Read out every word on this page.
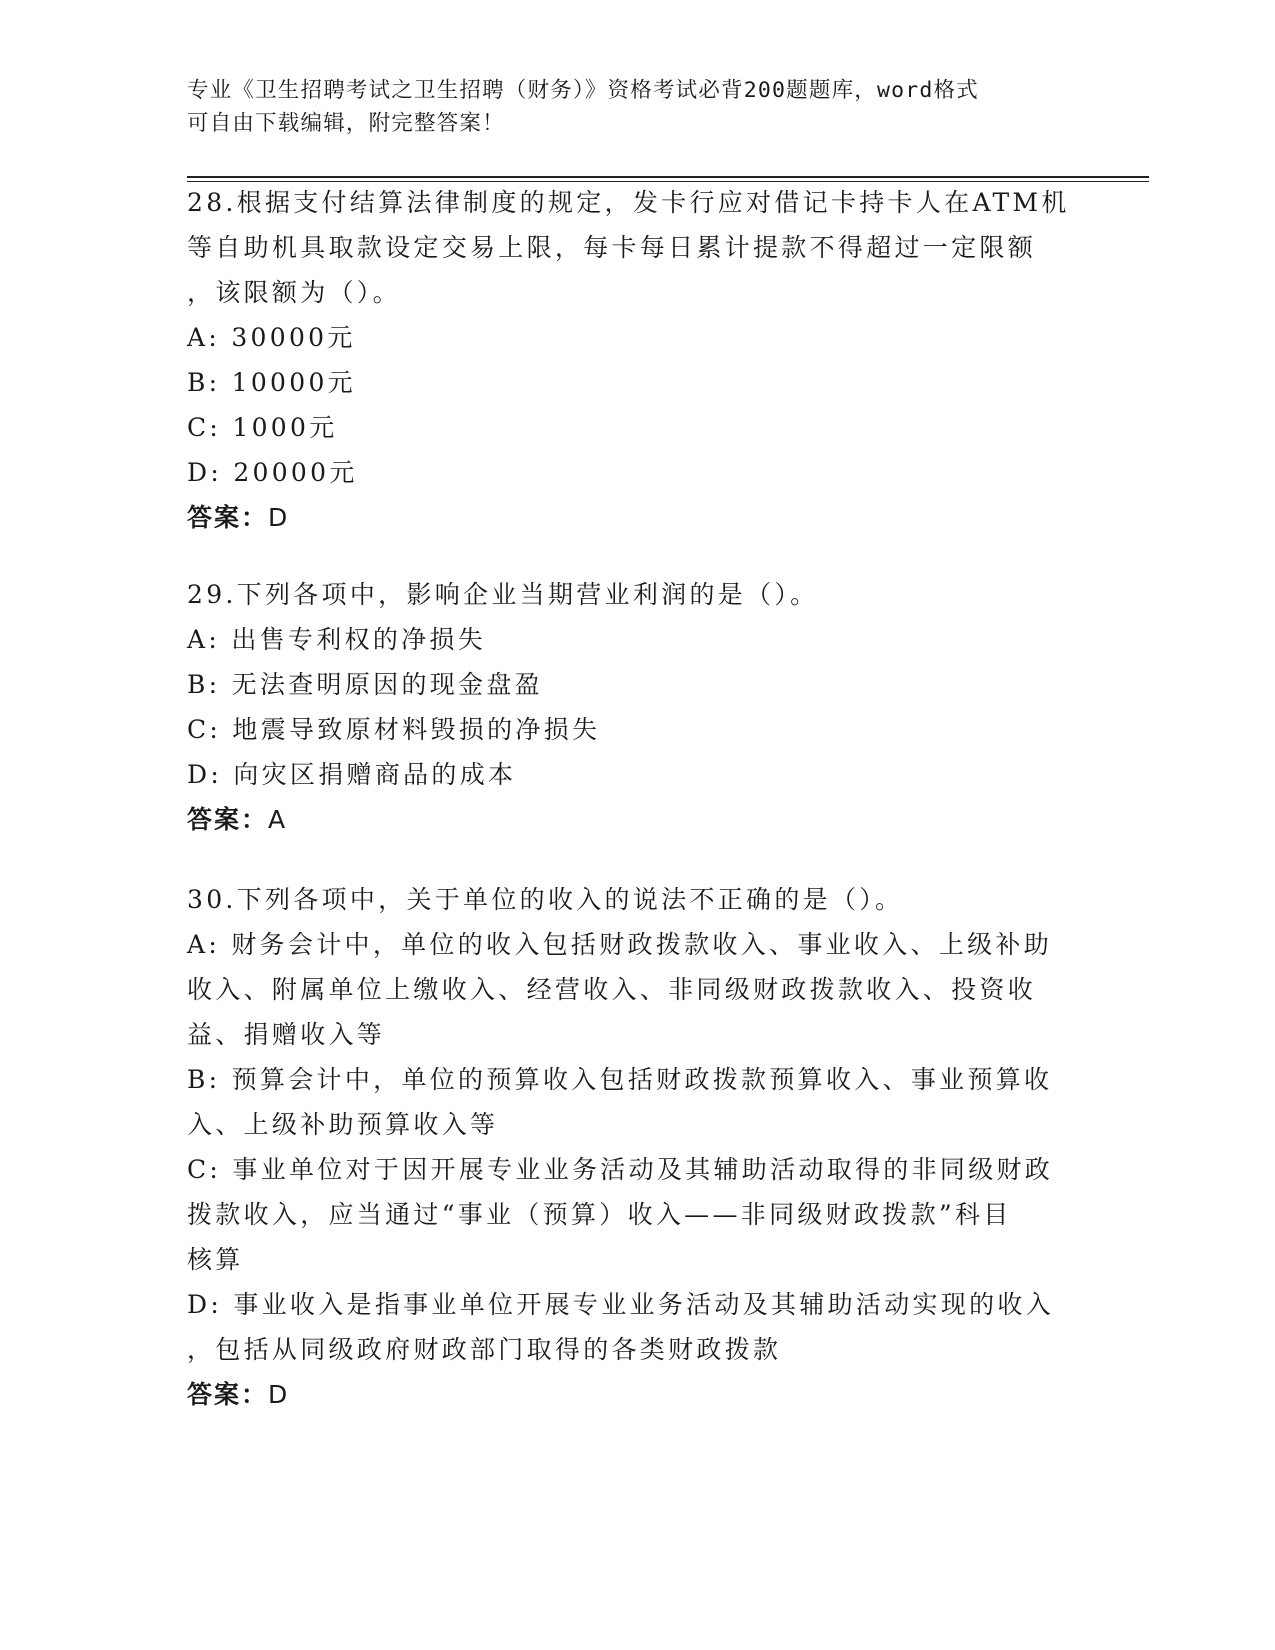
专业《卫生招聘考试之卫生招聘（财务）》资格考试必背200题题库，word格式
可自由下载编辑，附完整答案！
28.根据支付结算法律制度的规定，发卡行应对借记卡持卡人在ATM机
等自助机具取款设定交易上限，每卡每日累计提款不得超过一定限额
，该限额为（）。
A: 30000元
B: 10000元
C: 1000元
D: 20000元
答案：D
29.下列各项中，影响企业当期营业利润的是（）。
A: 出售专利权的净损失
B: 无法查明原因的现金盘盈
C: 地震导致原材料毁损的净损失
D: 向灾区捐赠商品的成本
答案：A
30.下列各项中，关于单位的收入的说法不正确的是（）。
A: 财务会计中，单位的收入包括财政拨款收入、事业收入、上级补助
收入、附属单位上缴收入、经营收入、非同级财政拨款收入、投资收
益、捐赠收入等
B: 预算会计中，单位的预算收入包括财政拨款预算收入、事业预算收
入、上级补助预算收入等
C: 事业单位对于因开展专业业务活动及其辅助活动取得的非同级财政
拨款收入，应当通过“事业（预算）收入——非同级财政拨款”科目
核算
D: 事业收入是指事业单位开展专业业务活动及其辅助活动实现的收入
，包括从同级政府财政部门取得的各类财政拨款
答案：D
